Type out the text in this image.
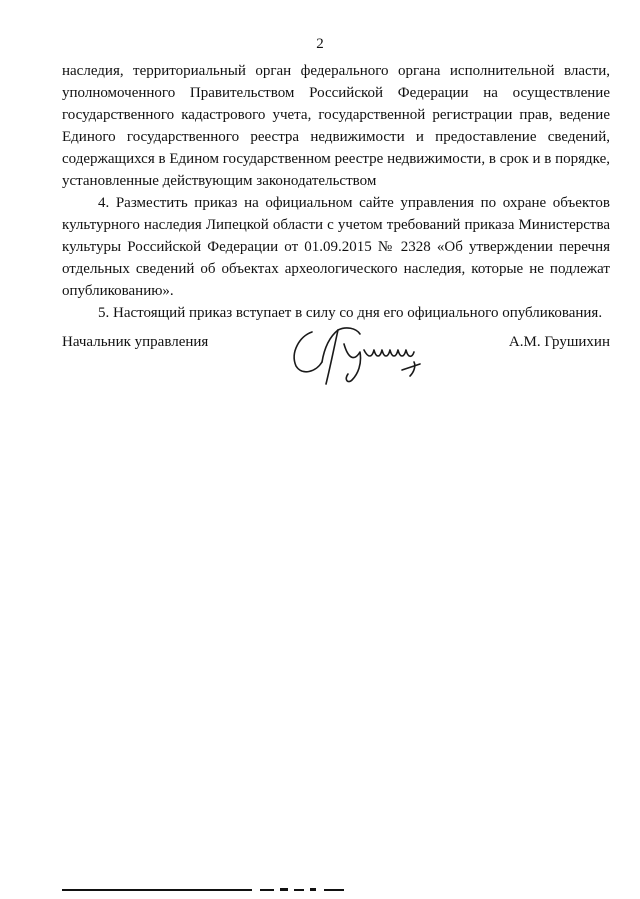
2

наследия, территориальный орган федерального органа исполнительной власти, уполномоченного Правительством Российской Федерации на осуществление государственного кадастрового учета, государственной регистрации прав, ведение Единого государственного реестра недвижимости и предоставление сведений, содержащихся в Едином государственном реестре недвижимости, в срок и в порядке, установленные действующим законодательством

4. Разместить приказ на официальном сайте управления по охране объектов культурного наследия Липецкой области с учетом требований приказа Министерства культуры Российской Федерации от 01.09.2015 № 2328 «Об утверждении перечня отдельных сведений об объектах археологического наследия, которые не подлежат опубликованию».

5. Настоящий приказ вступает в силу со дня его официального опубликования.

Начальник управления	А.М. Грушихин
